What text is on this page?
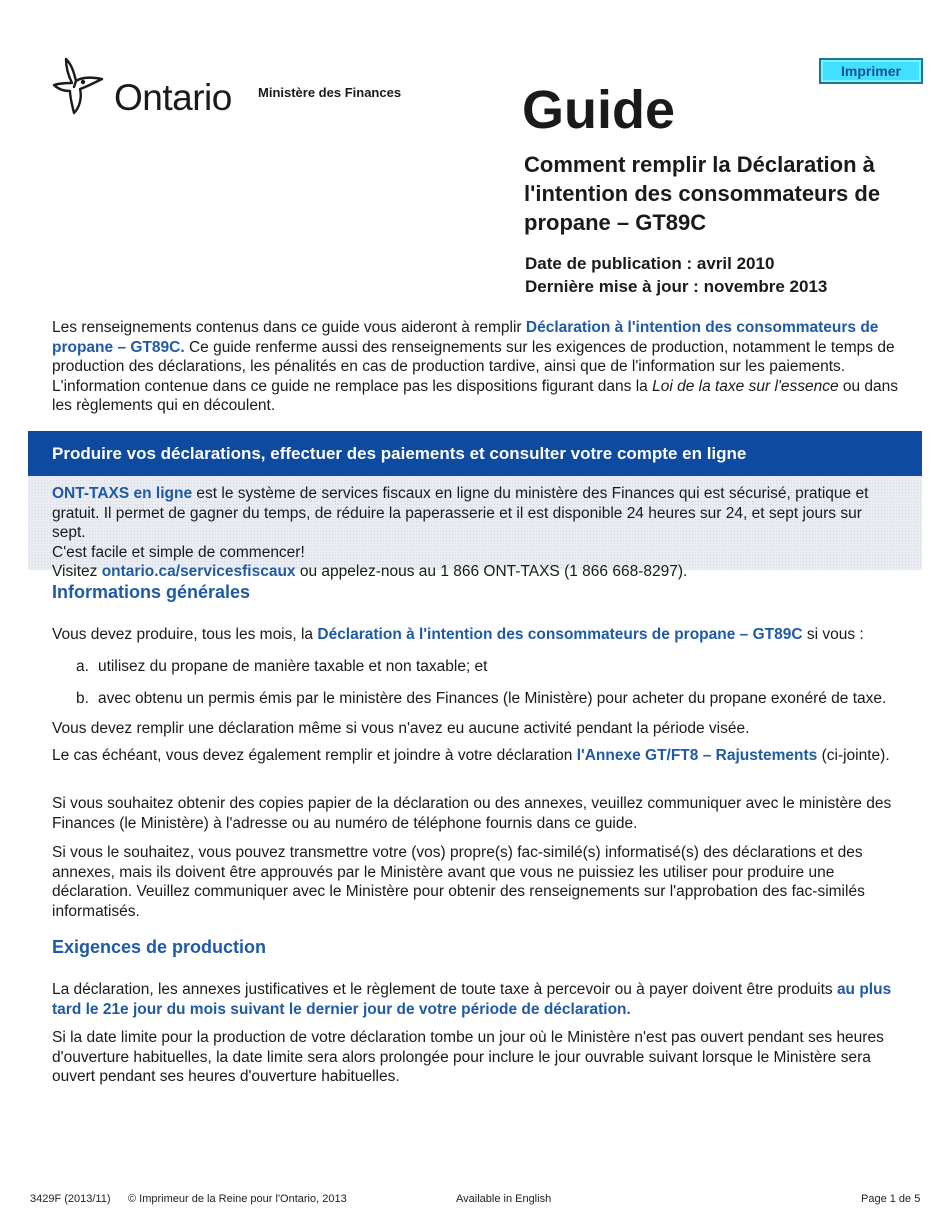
Ontario Ministère des Finances
Imprimer
Guide
Comment remplir la Déclaration à l'intention des consommateurs de propane – GT89C
Date de publication : avril 2010
Dernière mise à jour : novembre 2013

Les renseignements contenus dans ce guide vous aideront à remplir Déclaration à l'intention des consommateurs de propane – GT89C. Ce guide renferme aussi des renseignements sur les exigences de production, notamment le temps de production des déclarations, les pénalités en cas de production tardive, ainsi que de l'information sur les paiements. L'information contenue dans ce guide ne remplace pas les dispositions figurant dans la Loi de la taxe sur l'essence ou dans les règlements qui en découlent.

Produire vos déclarations, effectuer des paiements et consulter votre compte en ligne

ONT-TAXS en ligne est le système de services fiscaux en ligne du ministère des Finances qui est sécurisé, pratique et gratuit. Il permet de gagner du temps, de réduire la paperasserie et il est disponible 24 heures sur 24, et sept jours sur sept.

C'est facile et simple de commencer!

Visitez ontario.ca/servicesfiscaux ou appelez-nous au 1 866 ONT-TAXS (1 866 668-8297).

Informations générales

Vous devez produire, tous les mois, la Déclaration à l'intention des consommateurs de propane – GT89C si vous :

a. utilisez du propane de manière taxable et non taxable; et
b. avec obtenu un permis émis par le ministère des Finances (le Ministère) pour acheter du propane exonéré de taxe.

Vous devez remplir une déclaration même si vous n'avez eu aucune activité pendant la période visée.

Le cas échéant, vous devez également remplir et joindre à votre déclaration l'Annexe GT/FT8 – Rajustements (ci-jointe).

Si vous souhaitez obtenir des copies papier de la déclaration ou des annexes, veuillez communiquer avec le ministère des Finances (le Ministère) à l'adresse ou au numéro de téléphone fournis dans ce guide.

Si vous le souhaitez, vous pouvez transmettre votre (vos) propre(s) fac-similé(s) informatisé(s) des déclarations et des annexes, mais ils doivent être approuvés par le Ministère avant que vous ne puissiez les utiliser pour produire une déclaration. Veuillez communiquer avec le Ministère pour obtenir des renseignements sur l'approbation des fac-similés informatisés.

Exigences de production

La déclaration, les annexes justificatives et le règlement de toute taxe à percevoir ou à payer doivent être produits au plus tard le 21e jour du mois suivant le dernier jour de votre période de déclaration.

Si la date limite pour la production de votre déclaration tombe un jour où le Ministère n'est pas ouvert pendant ses heures d'ouverture habituelles, la date limite sera alors prolongée pour inclure le jour ouvrable suivant lorsque le Ministère sera ouvert pendant ses heures d'ouverture habituelles.

3429F (2013/11) © Imprimeur de la Reine pour l'Ontario, 2013	Available in English	Page 1 de 5
